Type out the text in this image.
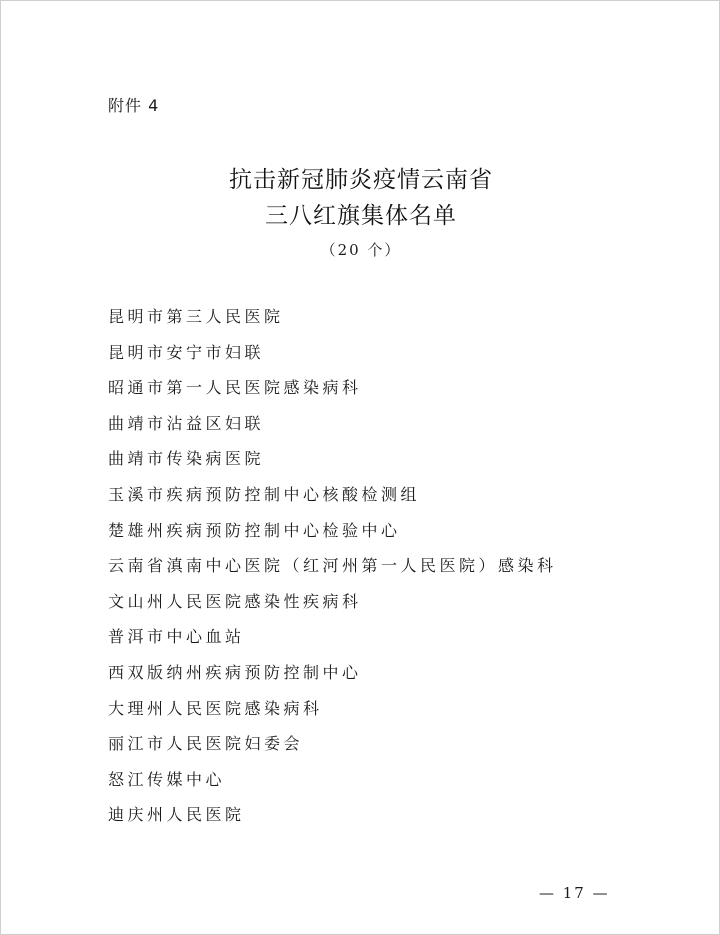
附件 4
抗击新冠肺炎疫情云南省
三八红旗集体名单
（20 个）
昆明市第三人民医院
昆明市安宁市妇联
昭通市第一人民医院感染病科
曲靖市沾益区妇联
曲靖市传染病医院
玉溪市疾病预防控制中心核酸检测组
楚雄州疾病预防控制中心检验中心
云南省滇南中心医院（红河州第一人民医院）感染科
文山州人民医院感染性疾病科
普洱市中心血站
西双版纳州疾病预防控制中心
大理州人民医院感染病科
丽江市人民医院妇委会
怒江传媒中心
迪庆州人民医院
— 17 —
